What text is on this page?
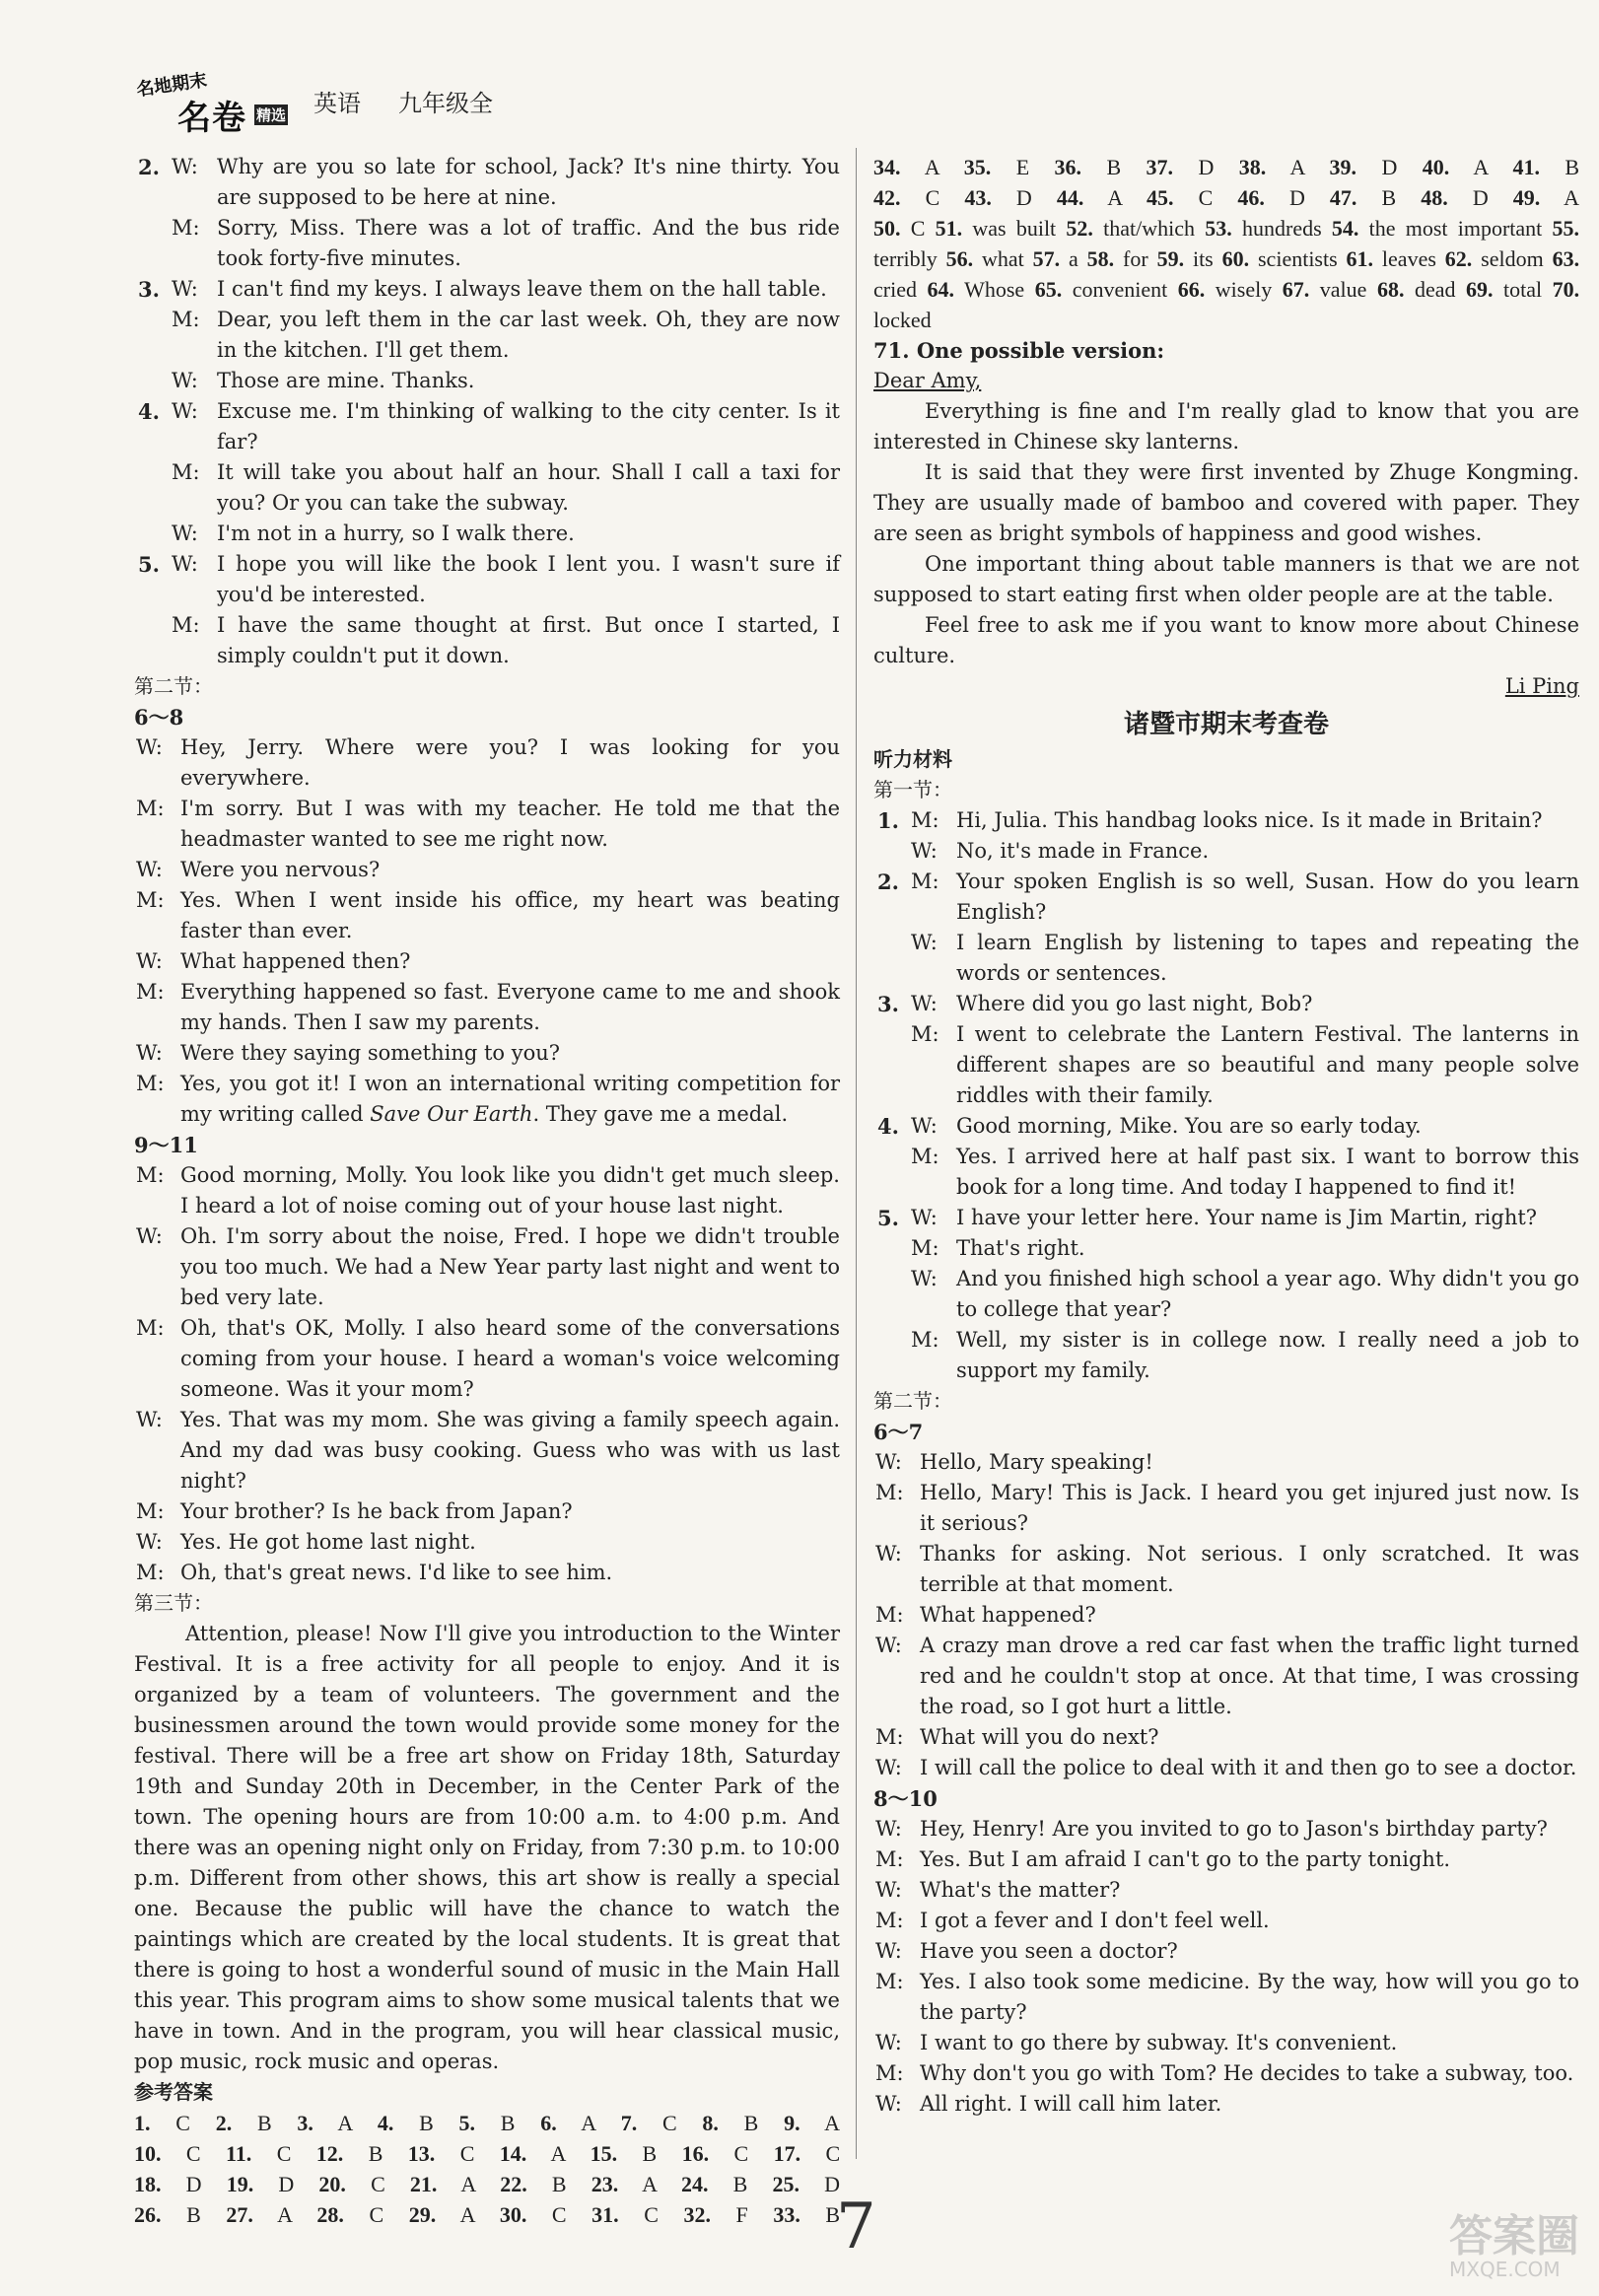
名地期末
名卷 精选 英语 九年级全
2. W: Why are you so late for school, Jack? It's nine thirty. You are supposed to be here at nine.
M: Sorry, Miss. There was a lot of traffic. And the bus ride took forty-five minutes.
3. W: I can't find my keys. I always leave them on the hall table.
M: Dear, you left them in the car last week. Oh, they are now in the kitchen. I'll get them.
W: Those are mine. Thanks.
4. W: Excuse me. I'm thinking of walking to the city center. Is it far?
M: It will take you about half an hour. Shall I call a taxi for you? Or you can take the subway.
W: I'm not in a hurry, so I walk there.
5. W: I hope you will like the book I lent you. I wasn't sure if you'd be interested.
M: I have the same thought at first. But once I started, I simply couldn't put it down.
第二节：
6～8
W: Hey, Jerry. Where were you? I was looking for you everywhere.
M: I'm sorry. But I was with my teacher. He told me that the headmaster wanted to see me right now.
W: Were you nervous?
M: Yes. When I went inside his office, my heart was beating faster than ever.
W: What happened then?
M: Everything happened so fast. Everyone came to me and shook my hands. Then I saw my parents.
W: Were they saying something to you?
M: Yes, you got it! I won an international writing competition for my writing called Save Our Earth. They gave me a medal.
9～11
M: Good morning, Molly. You look like you didn't get much sleep. I heard a lot of noise coming out of your house last night.
W: Oh. I'm sorry about the noise, Fred. I hope we didn't trouble you too much. We had a New Year party last night and went to bed very late.
M: Oh, that's OK, Molly. I also heard some of the conversations coming from your house. I heard a woman's voice welcoming someone. Was it your mom?
W: Yes. That was my mom. She was giving a family speech again. And my dad was busy cooking. Guess who was with us last night?
M: Your brother? Is he back from Japan?
W: Yes. He got home last night.
M: Oh, that's great news. I'd like to see him.
第三节：
Attention, please! Now I'll give you introduction to the Winter Festival. It is a free activity for all people to enjoy. And it is organized by a team of volunteers. The government and the businessmen around the town would provide some money for the festival. There will be a free art show on Friday 18th, Saturday 19th and Sunday 20th in December, in the Center Park of the town. The opening hours are from 10:00 a.m. to 4:00 p.m. And there was an opening night only on Friday, from 7:30 p.m. to 10:00 p.m. Different from other shows, this art show is really a special one. Because the public will have the chance to watch the paintings which are created by the local students. It is great that there is going to host a wonderful sound of music in the Main Hall this year. This program aims to show some musical talents that we have in town. And in the program, you will hear classical music, pop music, rock music and operas.
参考答案
1. C 2. B 3. A 4. B 5. B 6. A 7. C 8. B 9. A
10. C 11. C 12. B 13. C 14. A 15. B 16. C 17. C
18. D 19. D 20. C 21. A 22. B 23. A 24. B 25. D
26. B 27. A 28. C 29. A 30. C 31. C 32. F 33. B
34. A 35. E 36. B 37. D 38. A 39. D 40. A 41. B
42. C 43. D 44. A 45. C 46. D 47. B 48. D 49. A
50. C 51. was built 52. that/which 53. hundreds 54. the most important 55. terribly 56. what 57. a 58. for 59. its 60. scientists 61. leaves 62. seldom 63. cried 64. Whose 65. convenient 66. wisely 67. value 68. dead 69. total 70. locked
71. One possible version:
Dear Amy,
Everything is fine and I'm really glad to know that you are interested in Chinese sky lanterns.
It is said that they were first invented by Zhuge Kongming. They are usually made of bamboo and covered with paper. They are seen as bright symbols of happiness and good wishes.
One important thing about table manners is that we are not supposed to start eating first when older people are at the table.
Feel free to ask me if you want to know more about Chinese culture.
Li Ping
诸暨市期末考查卷
听力材料
第一节：
1. M: Hi, Julia. This handbag looks nice. Is it made in Britain?
W: No, it's made in France.
2. M: Your spoken English is so well, Susan. How do you learn English?
W: I learn English by listening to tapes and repeating the words or sentences.
3. W: Where did you go last night, Bob?
M: I went to celebrate the Lantern Festival. The lanterns in different shapes are so beautiful and many people solve riddles with their family.
4. W: Good morning, Mike. You are so early today.
M: Yes. I arrived here at half past six. I want to borrow this book for a long time. And today I happened to find it!
5. W: I have your letter here. Your name is Jim Martin, right?
M: That's right.
W: And you finished high school a year ago. Why didn't you go to college that year?
M: Well, my sister is in college now. I really need a job to support my family.
第二节：
6～7
W: Hello, Mary speaking!
M: Hello, Mary! This is Jack. I heard you get injured just now. Is it serious?
W: Thanks for asking. Not serious. I only scratched. It was terrible at that moment.
M: What happened?
W: A crazy man drove a red car fast when the traffic light turned red and he couldn't stop at once. At that time, I was crossing the road, so I got hurt a little.
M: What will you do next?
W: I will call the police to deal with it and then go to see a doctor.
8～10
W: Hey, Henry! Are you invited to go to Jason's birthday party?
M: Yes. But I am afraid I can't go to the party tonight.
W: What's the matter?
M: I got a fever and I don't feel well.
W: Have you seen a doctor?
M: Yes. I also took some medicine. By the way, how will you go to the party?
W: I want to go there by subway. It's convenient.
M: Why don't you go with Tom? He decides to take a subway, too.
W: All right. I will call him later.
7	答案圈
MXQE.COM
